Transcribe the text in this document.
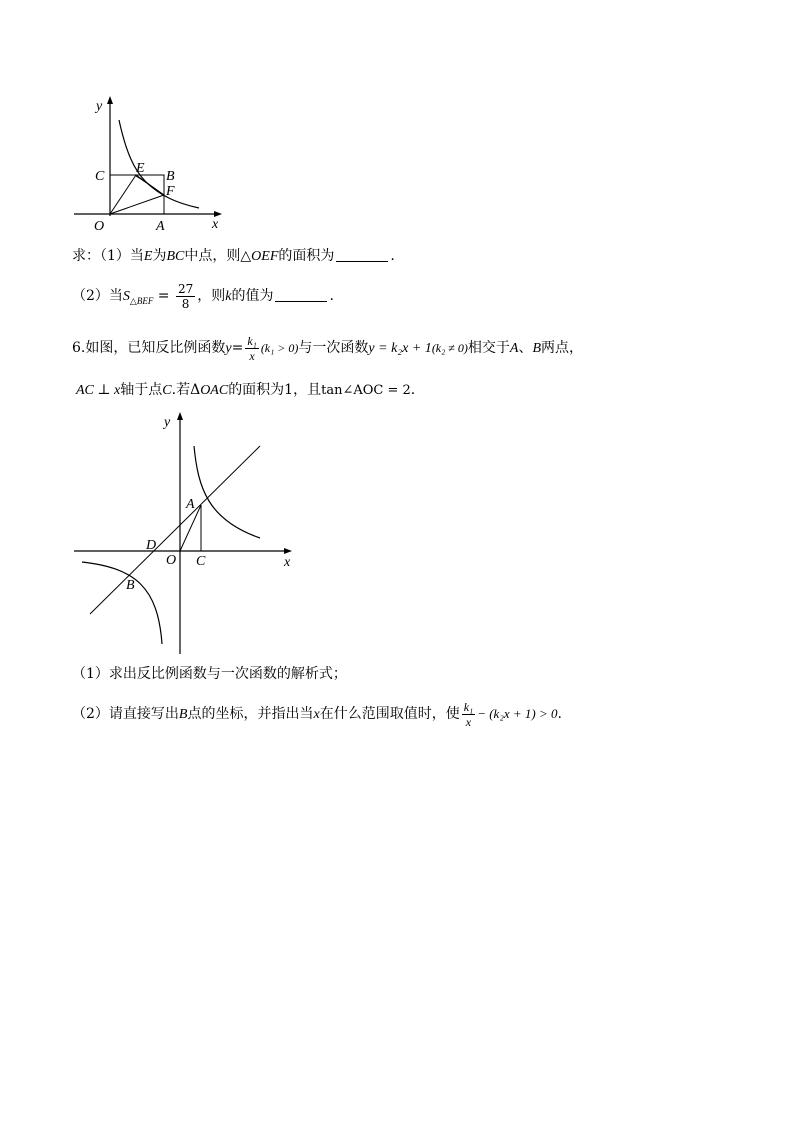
y
x
O	A
C
E
B
F
求：（1）当E为BC中点，则△OEF的面积为	.
（2）当$S_{\triangle BEF} = \frac{27}{8}$ ，则k的值为	.
6.如图，已知反比例函数$y= \frac{\text{k₁}}{x} (k_1 > 0)$与一次函数y = k₂x + 1(k₂ ≠ 0)相交于A、B两点，
AC ⊥ x轴于点C.若ΔOAC的面积为1，且tan∠AOC = 2.
y
x
O C
A
D
B
（1）求出反比例函数与一次函数的解析式；
（2）请直接写出B点的坐标，并指出当x在什么范围取值时，使 $\frac{\text{k₁}}{x} - (k_2x + 1) > 0$.
